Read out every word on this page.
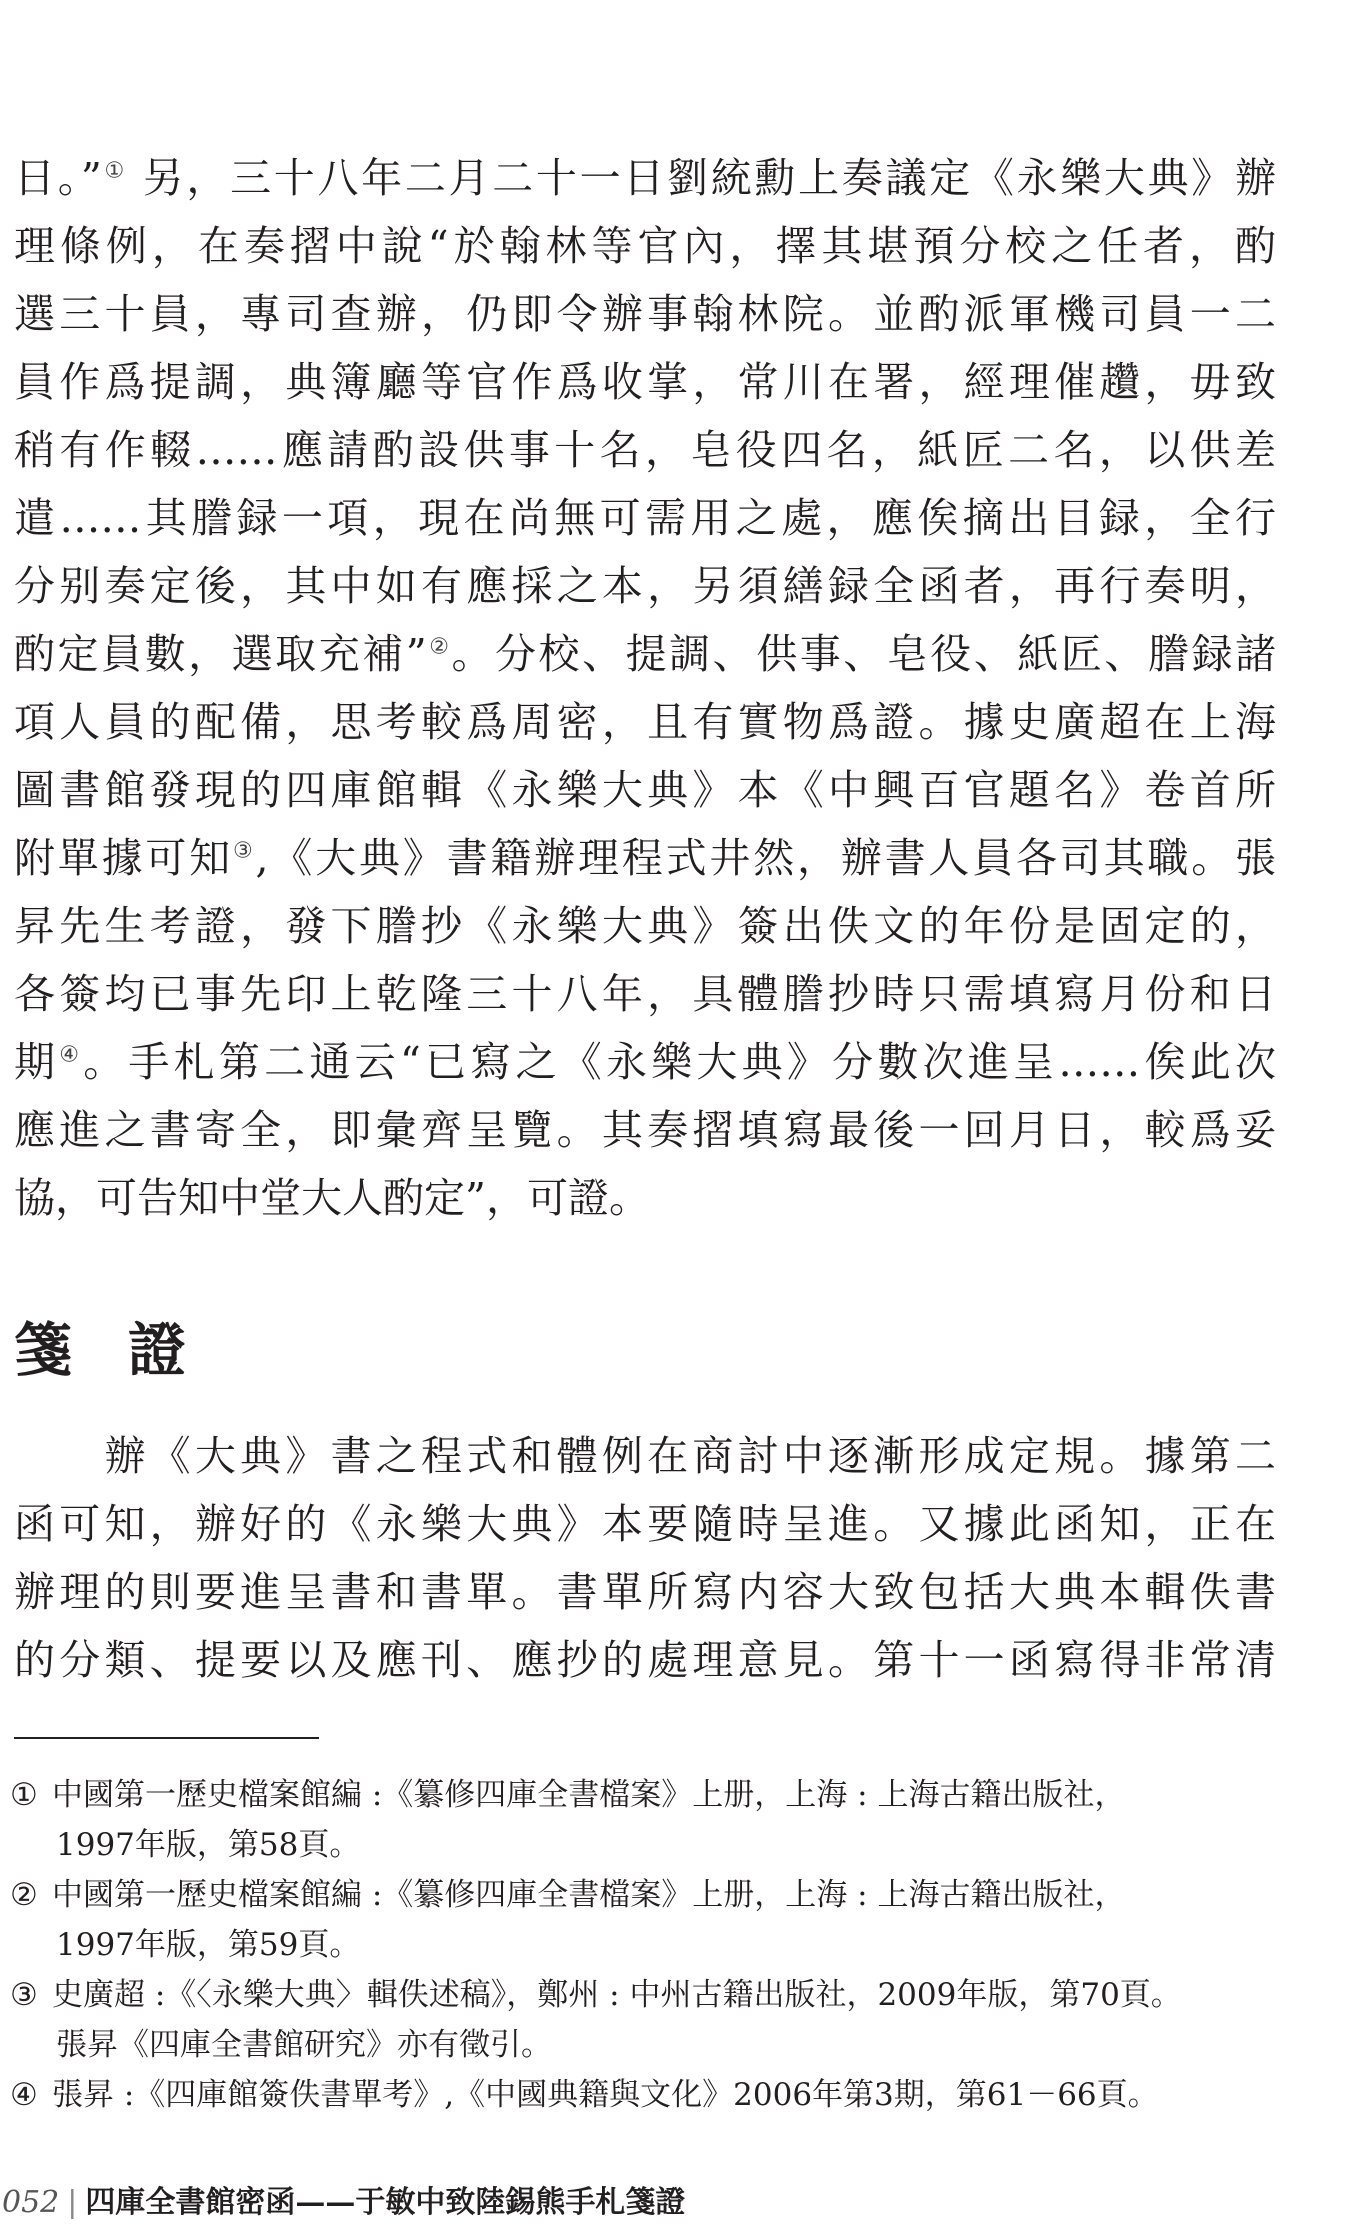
日。”① 另，三十八年二月二十一日劉統勳上奏議定《永樂大典》辦
理條例，在奏摺中說“於翰林等官內，擇其堪預分校之任者，酌
選三十員，專司查辦，仍即令辦事翰林院。並酌派軍機司員一二
員作爲提調，典簿廳等官作爲收掌，常川在署，經理催趲，毋致
稍有作輟……應請酌設供事十名，皂役四名，紙匠二名，以供差
遣……其謄録一項，現在尚無可需用之處，應俟摘出目録，全行
分别奏定後，其中如有應採之本，另須繕録全函者，再行奏明，
酌定員數，選取充補”②。分校、提調、供事、皂役、紙匠、謄録諸
項人員的配備，思考較爲周密，且有實物爲證。據史廣超在上海
圖書館發現的四庫館輯《永樂大典》本《中興百官題名》卷首所
附單據可知③,《大典》書籍辦理程式井然，辦書人員各司其職。張
昇先生考證，發下謄抄《永樂大典》簽出佚文的年份是固定的，
各簽均已事先印上乾隆三十八年，具體謄抄時只需填寫月份和日
期④。手札第二通云“已寫之《永樂大典》分數次進呈……俟此次
應進之書寄全，即彙齊呈覽。其奏摺填寫最後一回月日，較爲妥
協，可告知中堂大人酌定”，可證。
箋證
　　辦《大典》書之程式和體例在商討中逐漸形成定規。據第二
函可知，辦好的《永樂大典》本要隨時呈進。又據此函知，正在
辦理的則要進呈書和書單。書單所寫内容大致包括大典本輯佚書
的分類、提要以及應刊、應抄的處理意見。第十一函寫得非常清
① 中國第一歷史檔案館編 :《纂修四庫全書檔案》上册，上海 : 上海古籍出版社，
1997年版，第58頁。
② 中國第一歷史檔案館編 :《纂修四庫全書檔案》上册，上海 : 上海古籍出版社，
1997年版，第59頁。
③ 史廣超 :《〈永樂大典〉輯佚述稿》，鄭州 : 中州古籍出版社，2009年版，第70頁。
張昇《四庫全書館研究》亦有徵引。
④ 張昇 :《四庫館簽佚書單考》,《中國典籍與文化》2006年第3期，第61－66頁。
052 | 四庫全書館密函——于敏中致陸錫熊手札箋證
